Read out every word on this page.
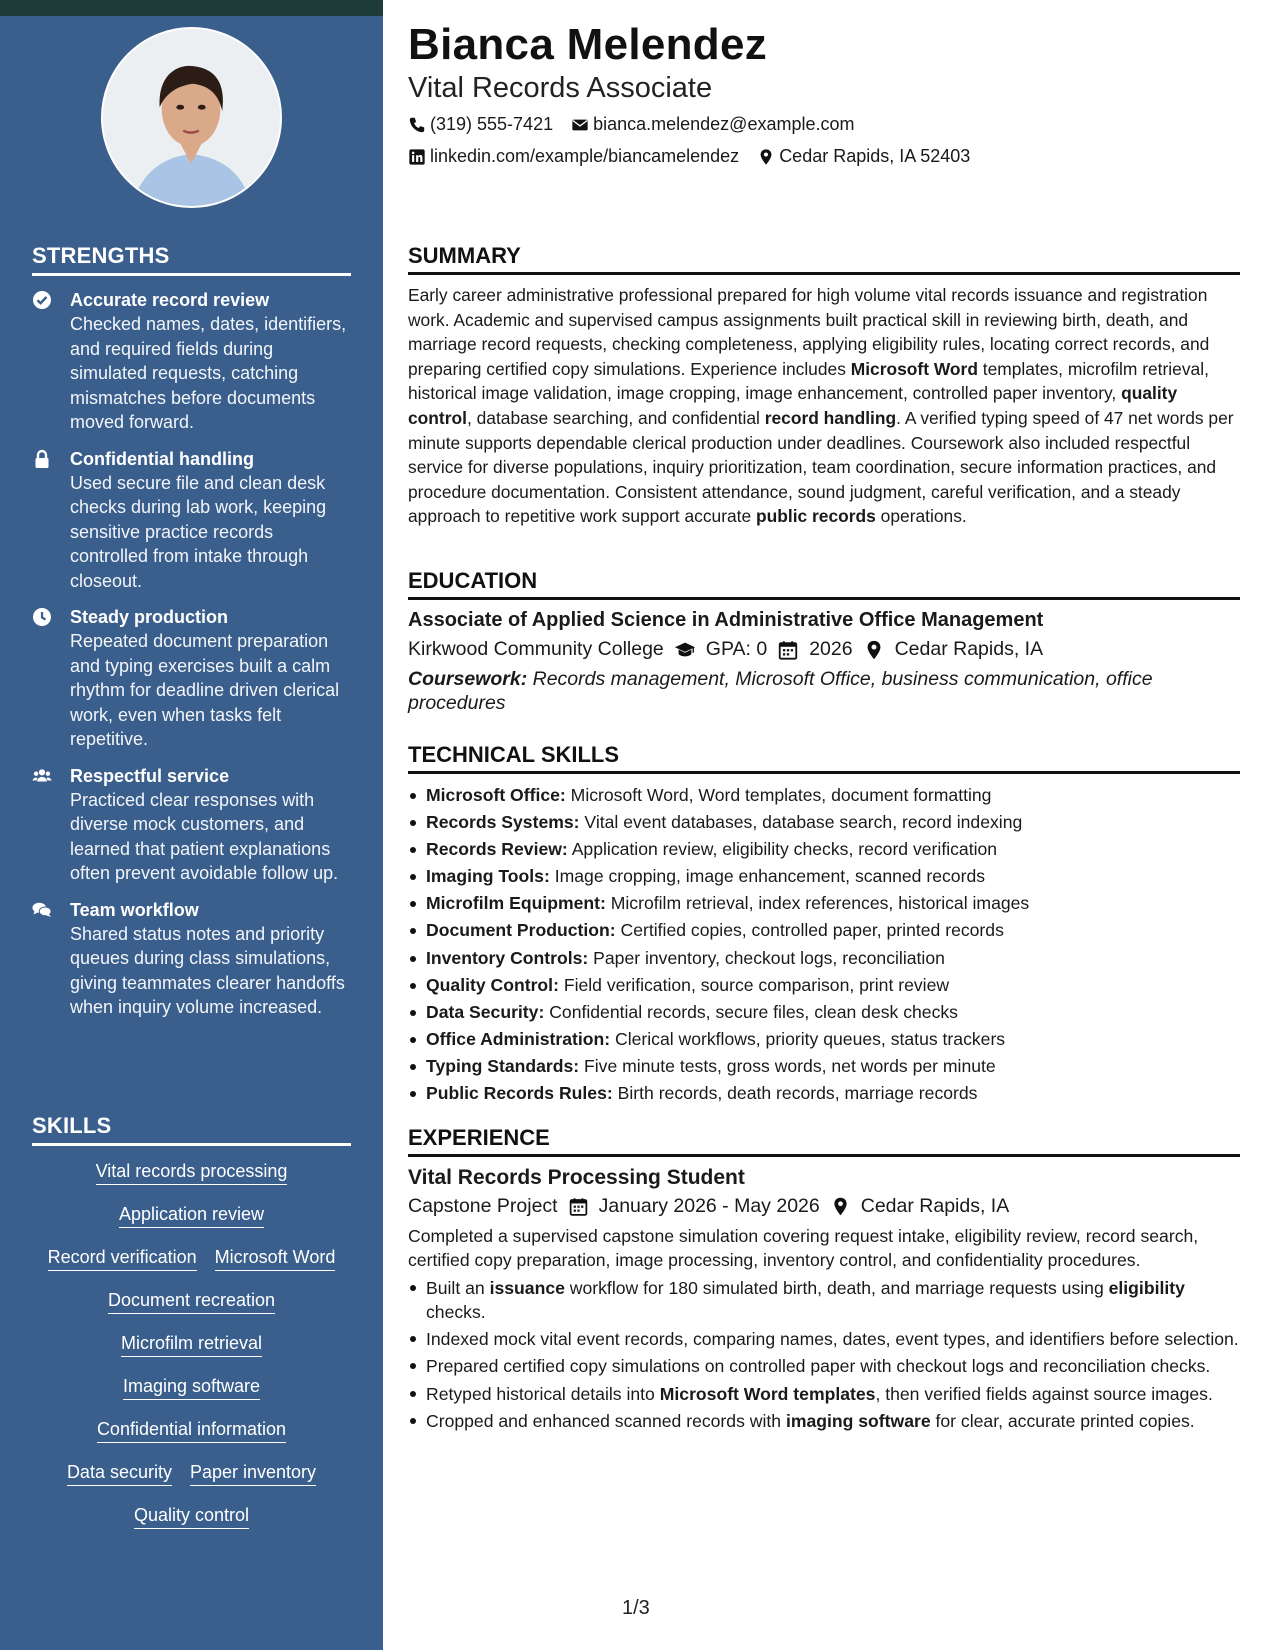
STRENGTHS
Accurate record review
Checked names, dates, identifiers, and required fields during simulated requests, catching mismatches before documents moved forward.
Confidential handling
Used secure file and clean desk checks during lab work, keeping sensitive practice records controlled from intake through closeout.
Steady production
Repeated document preparation and typing exercises built a calm rhythm for deadline driven clerical work, even when tasks felt repetitive.
Respectful service
Practiced clear responses with diverse mock customers, and learned that patient explanations often prevent avoidable follow up.
Team workflow
Shared status notes and priority queues during class simulations, giving teammates clearer handoffs when inquiry volume increased.
SKILLS
Vital records processing
Application review
Record verification Microsoft Word
Document recreation
Microfilm retrieval
Imaging software
Confidential information
Data security Paper inventory
Quality control
Bianca Melendez
Vital Records Associate
(319) 555-7421 bianca.melendez@example.com
linkedin.com/example/biancamelendez Cedar Rapids, IA 52403
SUMMARY

Early career administrative professional prepared for high volume vital records issuance and registration work. Academic and supervised campus assignments built practical skill in reviewing birth, death, and marriage record requests, checking completeness, applying eligibility rules, locating correct records, and preparing certified copy simulations. Experience includes Microsoft Word templates, microfilm retrieval, historical image validation, image cropping, image enhancement, controlled paper inventory, quality control, database searching, and confidential record handling. A verified typing speed of 47 net words per minute supports dependable clerical production under deadlines. Coursework also included respectful service for diverse populations, inquiry prioritization, team coordination, secure information practices, and procedure documentation. Consistent attendance, sound judgment, careful verification, and a steady approach to repetitive work support accurate public records operations.

EDUCATION
Associate of Applied Science in Administrative Office Management
Kirkwood Community College GPA: 0 2026 Cedar Rapids, IA
Coursework: Records management, Microsoft Office, business communication, office procedures
TECHNICAL SKILLS
Microsoft Office: Microsoft Word, Word templates, document formatting
Records Systems: Vital event databases, database search, record indexing
Records Review: Application review, eligibility checks, record verification
Imaging Tools: Image cropping, image enhancement, scanned records
Microfilm Equipment: Microfilm retrieval, index references, historical images
Document Production: Certified copies, controlled paper, printed records
Inventory Controls: Paper inventory, checkout logs, reconciliation
Quality Control: Field verification, source comparison, print review
Data Security: Confidential records, secure files, clean desk checks
Office Administration: Clerical workflows, priority queues, status trackers
Typing Standards: Five minute tests, gross words, net words per minute
Public Records Rules: Birth records, death records, marriage records
EXPERIENCE
Vital Records Processing Student
Capstone Project January 2026 - May 2026 Cedar Rapids, IA
Completed a supervised capstone simulation covering request intake, eligibility review, record search, certified copy preparation, image processing, inventory control, and confidentiality procedures.
Built an issuance workflow for 180 simulated birth, death, and marriage requests using eligibility checks.
Indexed mock vital event records, comparing names, dates, event types, and identifiers before selection.
Prepared certified copy simulations on controlled paper with checkout logs and reconciliation checks.
Retyped historical details into Microsoft Word templates, then verified fields against source images.
Cropped and enhanced scanned records with imaging software for clear, accurate printed copies.
1/3
